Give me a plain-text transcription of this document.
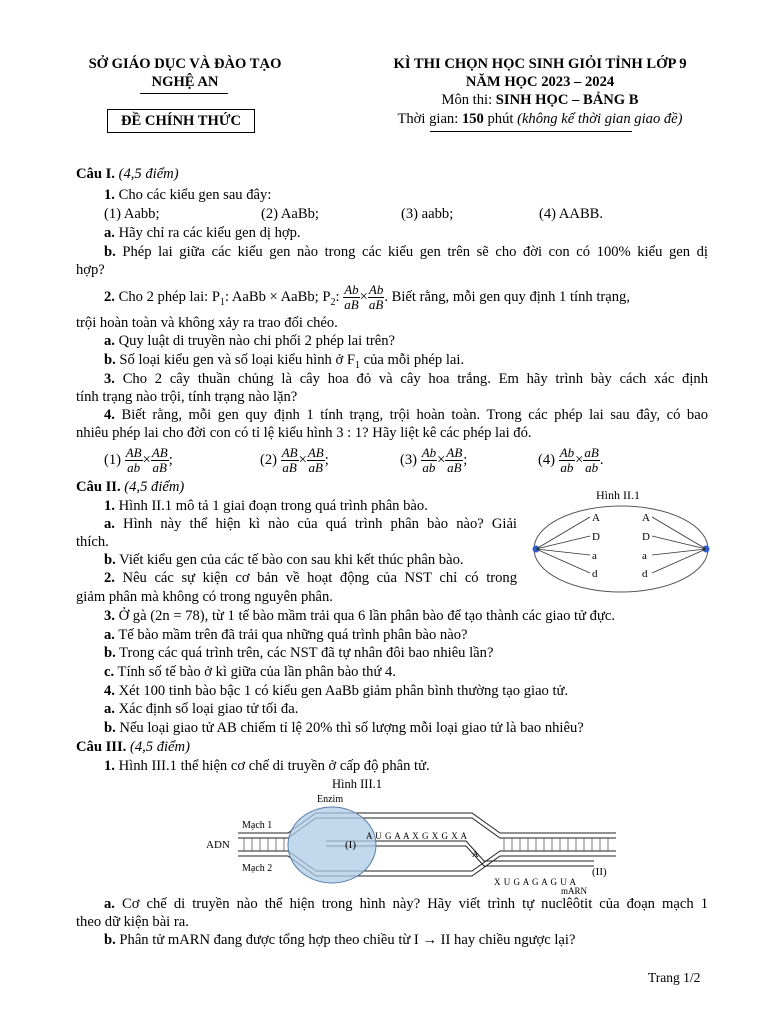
SỞ GIÁO DỤC VÀ ĐÀO TẠO
NGHỆ AN
ĐỀ CHÍNH THỨC
KÌ THI CHỌN HỌC SINH GIỎI TỈNH LỚP 9
NĂM HỌC 2023 – 2024
Môn thi: SINH HỌC – BẢNG B
Thời gian: 150 phút (không kể thời gian giao đề)
Câu I. (4,5 điểm)
1. Cho các kiểu gen sau đây:
(1) Aabb;	(2) AaBb;	(3) aabb;	(4) AABB.
a. Hãy chỉ ra các kiểu gen dị hợp.
b. Phép lai giữa các kiểu gen nào trong các kiểu gen trên sẽ cho đời con có 100% kiểu gen dị
hợp?
2. Cho 2 phép lai: $P_1$: AaBb × AaBb; $P_2$: $\frac{Ab}{aB} \times \frac{Ab}{aB}$ . Biết rằng, mỗi gen quy định 1 tính trạng,
trội hoàn toàn và không xảy ra trao đổi chéo.
a. Quy luật di truyền nào chi phối 2 phép lai trên?
b. Số loại kiểu gen và số loại kiểu hình ở $F_1$ của mỗi phép lai.
3. Cho 2 cây thuần chủng là cây hoa đỏ và cây hoa trắng. Em hãy trình bày cách xác định
tính trạng nào trội, tính trạng nào lặn?
4. Biết rằng, mỗi gen quy định 1 tính trạng, trội hoàn toàn. Trong các phép lai sau đây, có bao
nhiêu phép lai cho đời con có tỉ lệ kiểu hình 3 : 1? Hãy liệt kê các phép lai đó.
$(1) \frac{AB}{ab} \times \frac{AB}{aB}$ ;	$(2) \frac{AB}{aB} \times \frac{AB}{aB}$ ;	$(3) \frac{Ab}{ab} \times \frac{AB}{aB}$ ;	$(4) \frac{Ab}{ab} \times \frac{aB}{ab}$ .
Câu II. (4,5 điểm)	Hình II.1
A
D
a
d
A
D
a
d
1. Hình II.1 mô tả 1 giai đoạn trong quá trình phân bào.
a. Hình này thể hiện kì nào của quá trình phân bào nào? Giải
thích.
b. Viết kiểu gen của các tế bào con sau khi kết thúc phân bào.
2. Nêu các sự kiện cơ bản về hoạt động của NST chỉ có trong
giảm phân mà không có trong nguyên phân.
3. Ở gà (2n = 78), từ 1 tế bào mầm trải qua 6 lần phân bào để tạo thành các giao tử đực.
a. Tế bào mầm trên đã trải qua những quá trình phân bào nào?
b. Trong các quá trình trên, các NST đã tự nhân đôi bao nhiêu lần?
c. Tính số tế bào ở kì giữa của lần phân bào thứ 4.
4. Xét 100 tinh bào bậc 1 có kiểu gen AaBb giảm phân bình thường tạo giao tử.
a. Xác định số loại giao tử tối đa.
b. Nếu loại giao tử AB chiếm tỉ lệ 20% thì số lượng mỗi loại giao tử là bao nhiêu?
Câu III. (4,5 điểm)
1. Hình III.1 thể hiện cơ chế di truyền ở cấp độ phân tử.
Hình III.1
Enzim
Mạch 1
Mạch 2
ADN	(I)
(II)
A U G A A X G X G X A
A
X U G A G A G U A
mARN
a. Cơ chế di truyền nào thể hiện trong hình này? Hãy viết trình tự nuclêôtit của đoạn mạch 1
theo dữ kiện bài ra.
b. Phân tử mARN đang được tổng hợp theo chiều từ I → II hay chiều ngược lại?
Trang 1/2
